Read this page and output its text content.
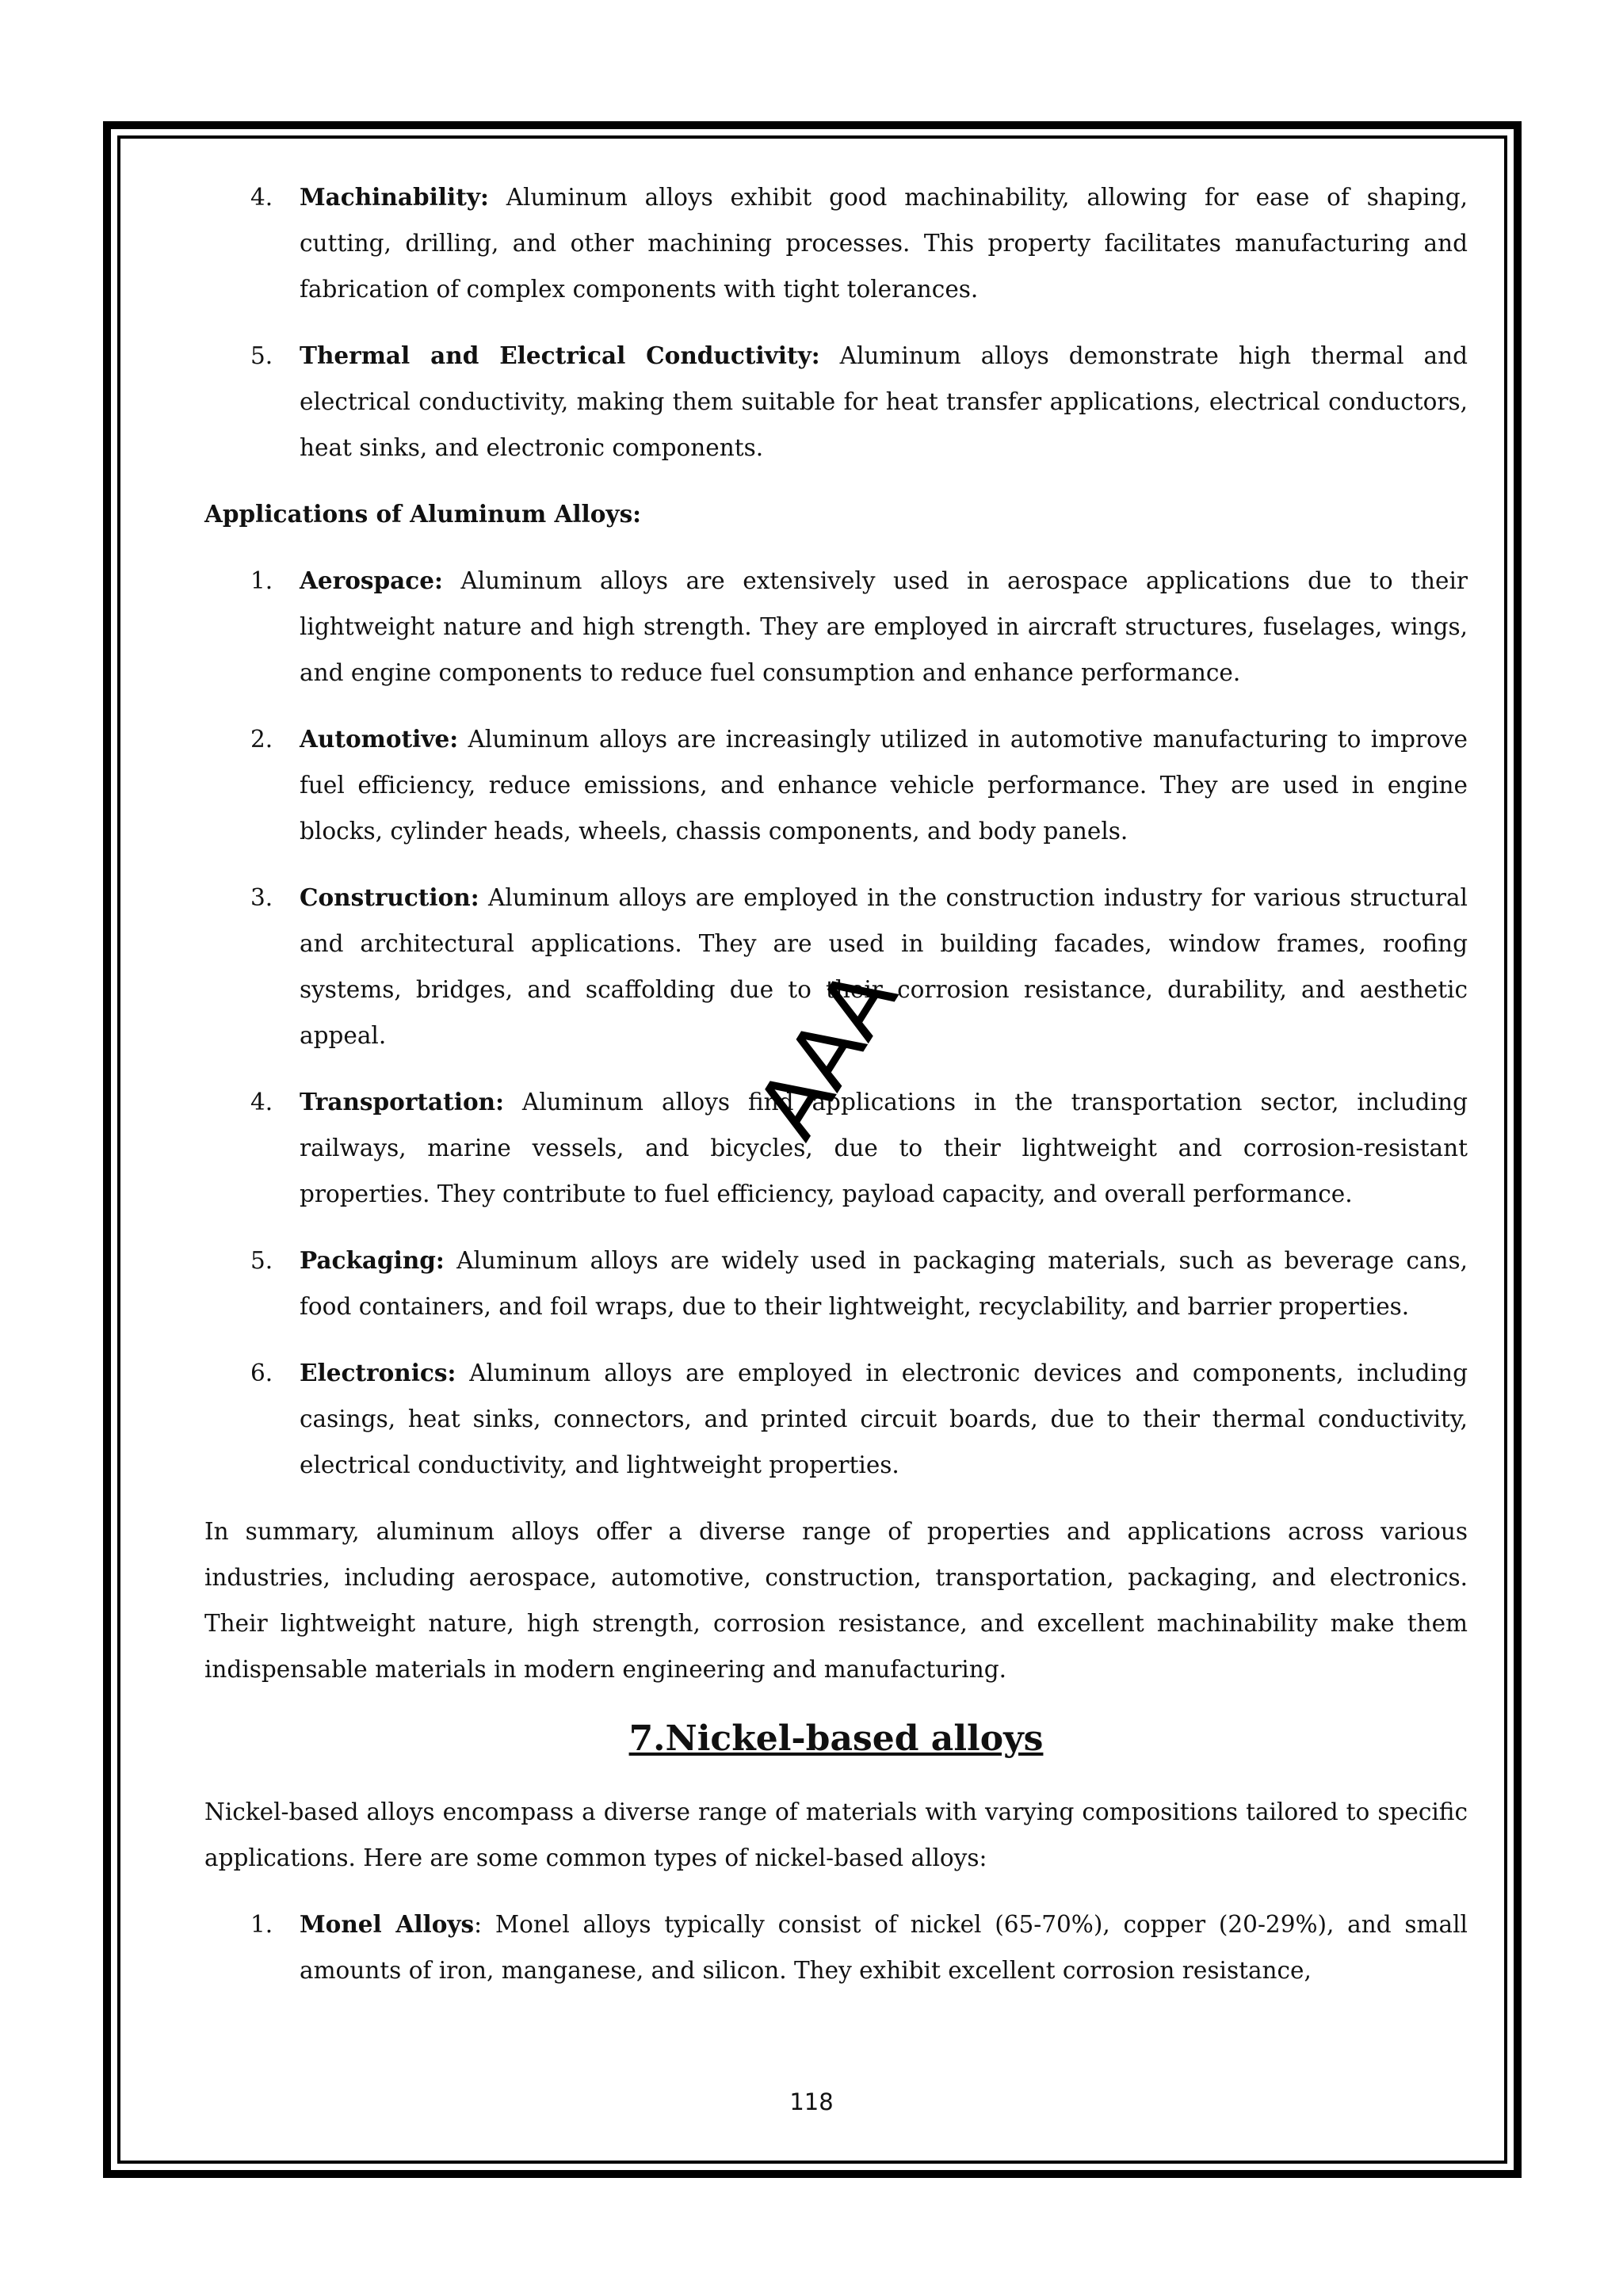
4. Machinability: Aluminum alloys exhibit good machinability, allowing for ease of shaping, cutting, drilling, and other machining processes. This property facilitates manufacturing and fabrication of complex components with tight tolerances.
5. Thermal and Electrical Conductivity: Aluminum alloys demonstrate high thermal and electrical conductivity, making them suitable for heat transfer applications, electrical conductors, heat sinks, and electronic components.
Applications of Aluminum Alloys:
1. Aerospace: Aluminum alloys are extensively used in aerospace applications due to their lightweight nature and high strength. They are employed in aircraft structures, fuselages, wings, and engine components to reduce fuel consumption and enhance performance.
2. Automotive: Aluminum alloys are increasingly utilized in automotive manufacturing to improve fuel efficiency, reduce emissions, and enhance vehicle performance. They are used in engine blocks, cylinder heads, wheels, chassis components, and body panels.
3. Construction: Aluminum alloys are employed in the construction industry for various structural and architectural applications. They are used in building facades, window frames, roofing systems, bridges, and scaffolding due to their corrosion resistance, durability, and aesthetic appeal.
4. Transportation: Aluminum alloys find applications in the transportation sector, including railways, marine vessels, and bicycles, due to their lightweight and corrosion-resistant properties. They contribute to fuel efficiency, payload capacity, and overall performance.
5. Packaging: Aluminum alloys are widely used in packaging materials, such as beverage cans, food containers, and foil wraps, due to their lightweight, recyclability, and barrier properties.
6. Electronics: Aluminum alloys are employed in electronic devices and components, including casings, heat sinks, connectors, and printed circuit boards, due to their thermal conductivity, electrical conductivity, and lightweight properties.
In summary, aluminum alloys offer a diverse range of properties and applications across various industries, including aerospace, automotive, construction, transportation, packaging, and electronics. Their lightweight nature, high strength, corrosion resistance, and excellent machinability make them indispensable materials in modern engineering and manufacturing.
7.Nickel-based alloys
Nickel-based alloys encompass a diverse range of materials with varying compositions tailored to specific applications. Here are some common types of nickel-based alloys:
1. Monel Alloys: Monel alloys typically consist of nickel (65-70%), copper (20-29%), and small amounts of iron, manganese, and silicon. They exhibit excellent corrosion resistance,
AAA
118
